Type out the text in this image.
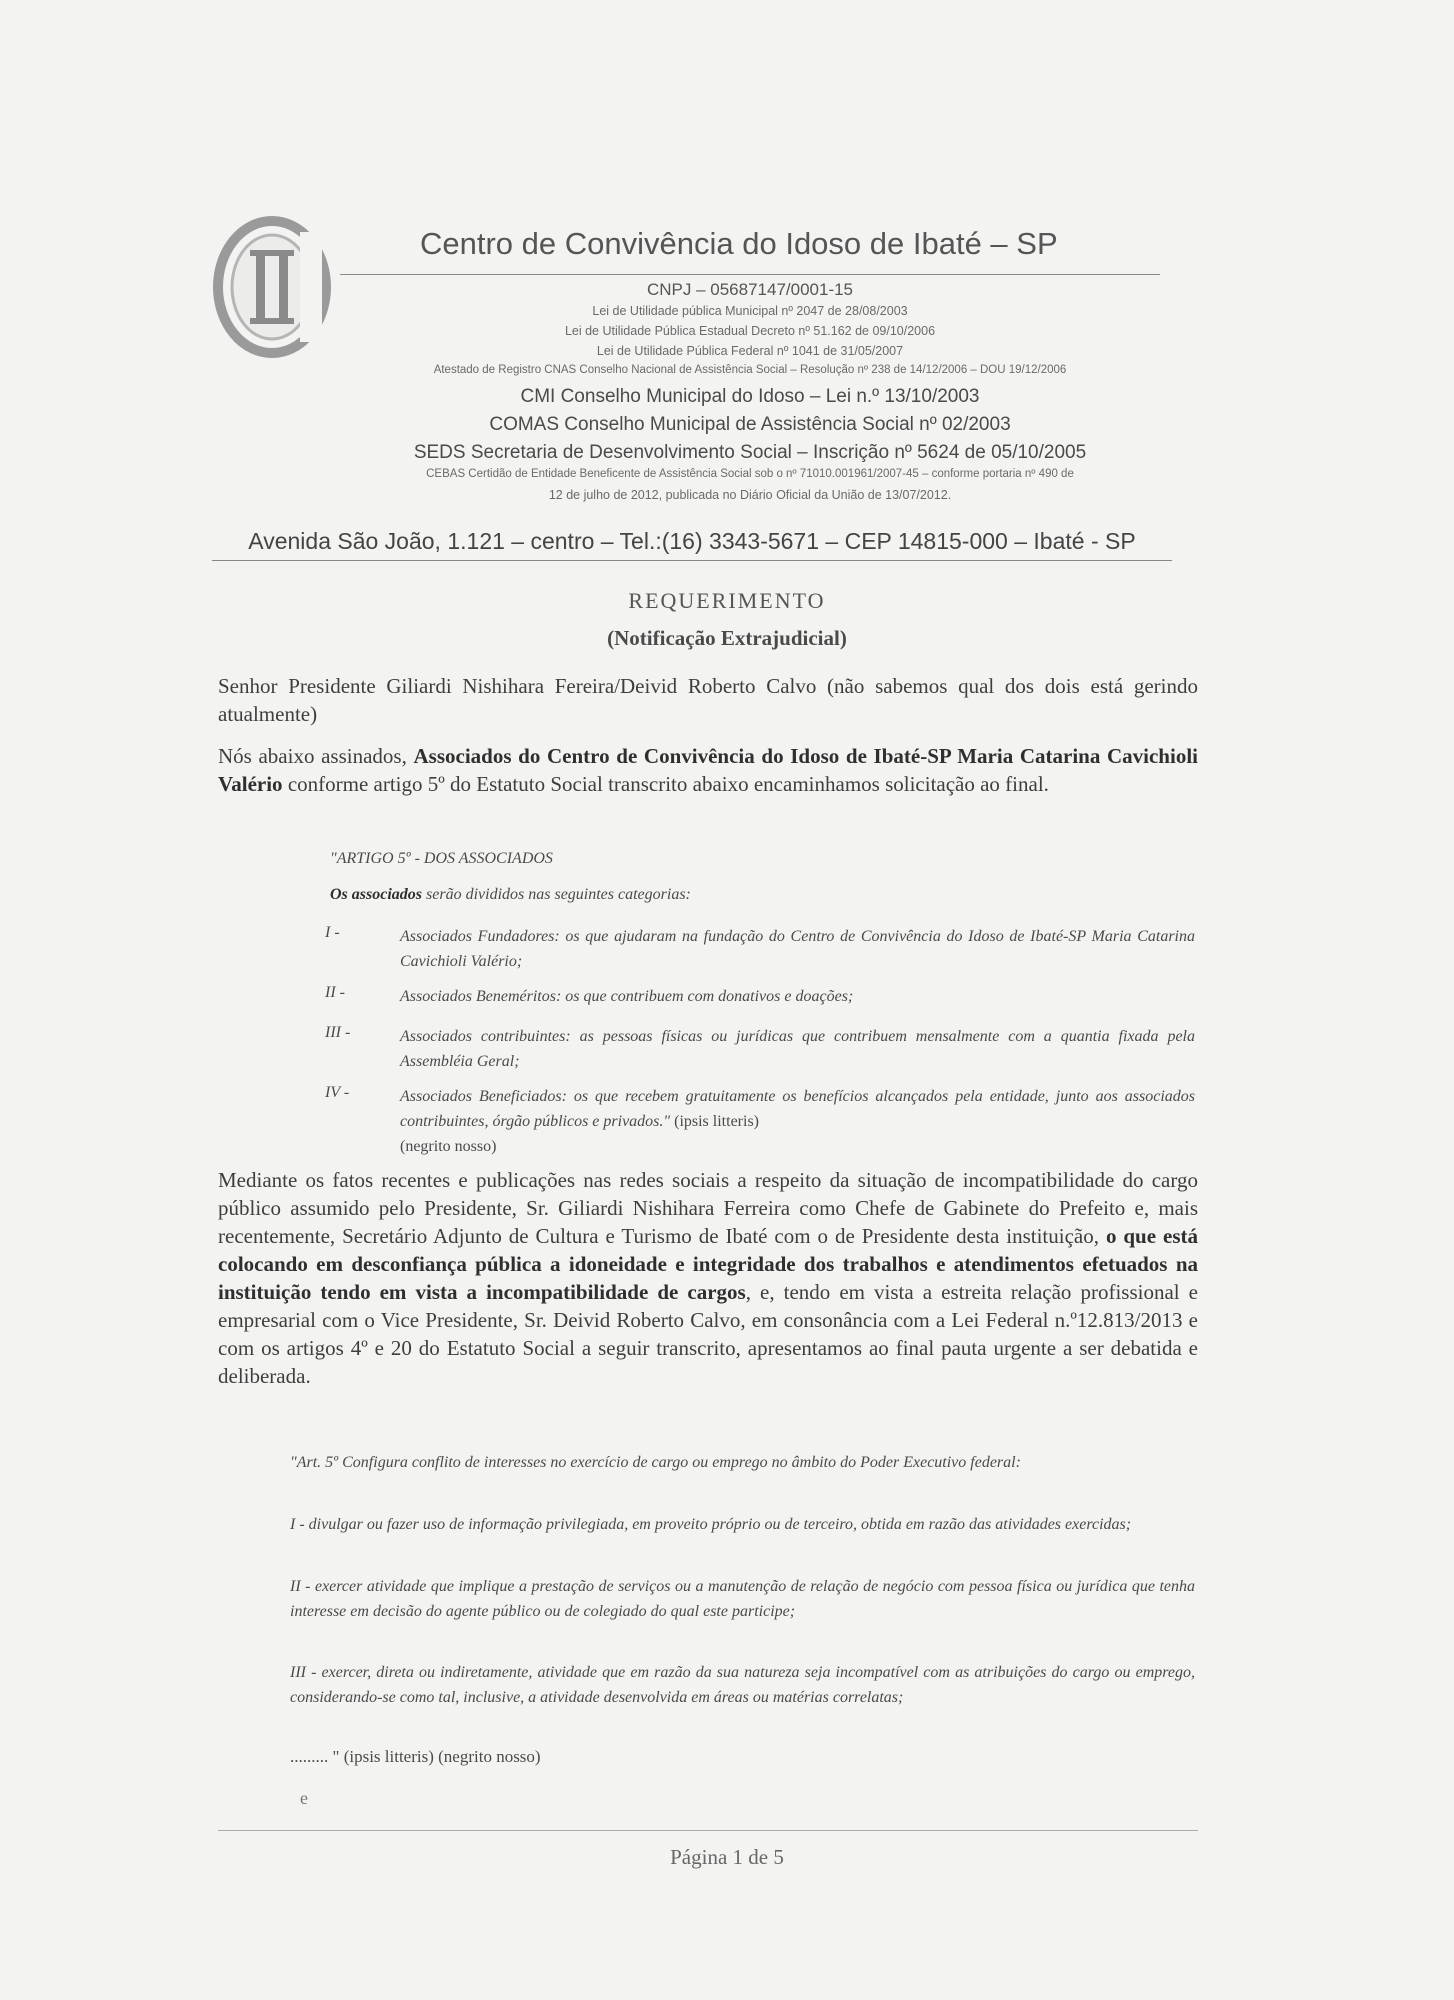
Centro de Convivência do Idoso de Ibaté – SP
CNPJ – 05687147/0001-15
Lei de Utilidade pública Municipal nº 2047 de 28/08/2003
Lei de Utilidade Pública Estadual Decreto nº 51.162 de 09/10/2006
Lei de Utilidade Pública Federal nº 1041 de 31/05/2007
Atestado de Registro CNAS Conselho Nacional de Assistência Social – Resolução nº 238 de 14/12/2006 – DOU 19/12/2006
CMI Conselho Municipal do Idoso – Lei n.º 13/10/2003
COMAS Conselho Municipal de Assistência Social nº 02/2003
SEDS Secretaria de Desenvolvimento Social – Inscrição nº 5624 de 05/10/2005
CEBAS Certidão de Entidade Beneficente de Assistência Social sob o nº 71010.001961/2007-45 – conforme portaria nº 490 de
12 de julho de 2012, publicada no Diário Oficial da União de 13/07/2012.
Avenida São João, 1.121 – centro – Tel.:(16) 3343-5671 – CEP 14815-000 – Ibaté - SP
REQUERIMENTO
(Notificação Extrajudicial)
Senhor Presidente Giliardi Nishihara Fereira/Deivid Roberto Calvo (não sabemos qual dos dois está gerindo atualmente)
Nós abaixo assinados, Associados do Centro de Convivência do Idoso de Ibaté-SP Maria Catarina Cavichioli Valério conforme artigo 5º do Estatuto Social transcrito abaixo encaminhamos solicitação ao final.
"ARTIGO 5º - DOS ASSOCIADOS
Os associados serão divididos nas seguintes categorias:
I -	Associados Fundadores: os que ajudaram na fundação do Centro de Convivência do Idoso de Ibaté-SP Maria Catarina Cavichioli Valério;
II -	Associados Beneméritos: os que contribuem com donativos e doações;
III -	Associados contribuintes: as pessoas físicas ou jurídicas que contribuem mensalmente com a quantia fixada pela Assembléia Geral;
IV -	Associados Beneficiados: os que recebem gratuitamente os benefícios alcançados pela entidade, junto aos associados contribuintes, órgão públicos e privados." (ipsis litteris)
(negrito nosso)
Mediante os fatos recentes e publicações nas redes sociais a respeito da situação de incompatibilidade do cargo público assumido pelo Presidente, Sr. Giliardi Nishihara Ferreira como Chefe de Gabinete do Prefeito e, mais recentemente, Secretário Adjunto de Cultura e Turismo de Ibaté com o de Presidente desta instituição, o que está colocando em desconfiança pública a idoneidade e integridade dos trabalhos e atendimentos efetuados na instituição tendo em vista a incompatibilidade de cargos, e, tendo em vista a estreita relação profissional e empresarial com o Vice Presidente, Sr. Deivid Roberto Calvo, em consonância com a Lei Federal n.º12.813/2013 e com os artigos 4º e 20 do Estatuto Social a seguir transcrito, apresentamos ao final pauta urgente a ser debatida e deliberada.
"Art. 5º Configura conflito de interesses no exercício de cargo ou emprego no âmbito do Poder Executivo federal:
I - divulgar ou fazer uso de informação privilegiada, em proveito próprio ou de terceiro, obtida em razão das atividades exercidas;
II - exercer atividade que implique a prestação de serviços ou a manutenção de relação de negócio com pessoa física ou jurídica que tenha interesse em decisão do agente público ou de colegiado do qual este participe;
III - exercer, direta ou indiretamente, atividade que em razão da sua natureza seja incompatível com as atribuições do cargo ou emprego, considerando-se como tal, inclusive, a atividade desenvolvida em áreas ou matérias correlatas;
......... " (ipsis litteris) (negrito nosso)
e
Página 1 de 5
